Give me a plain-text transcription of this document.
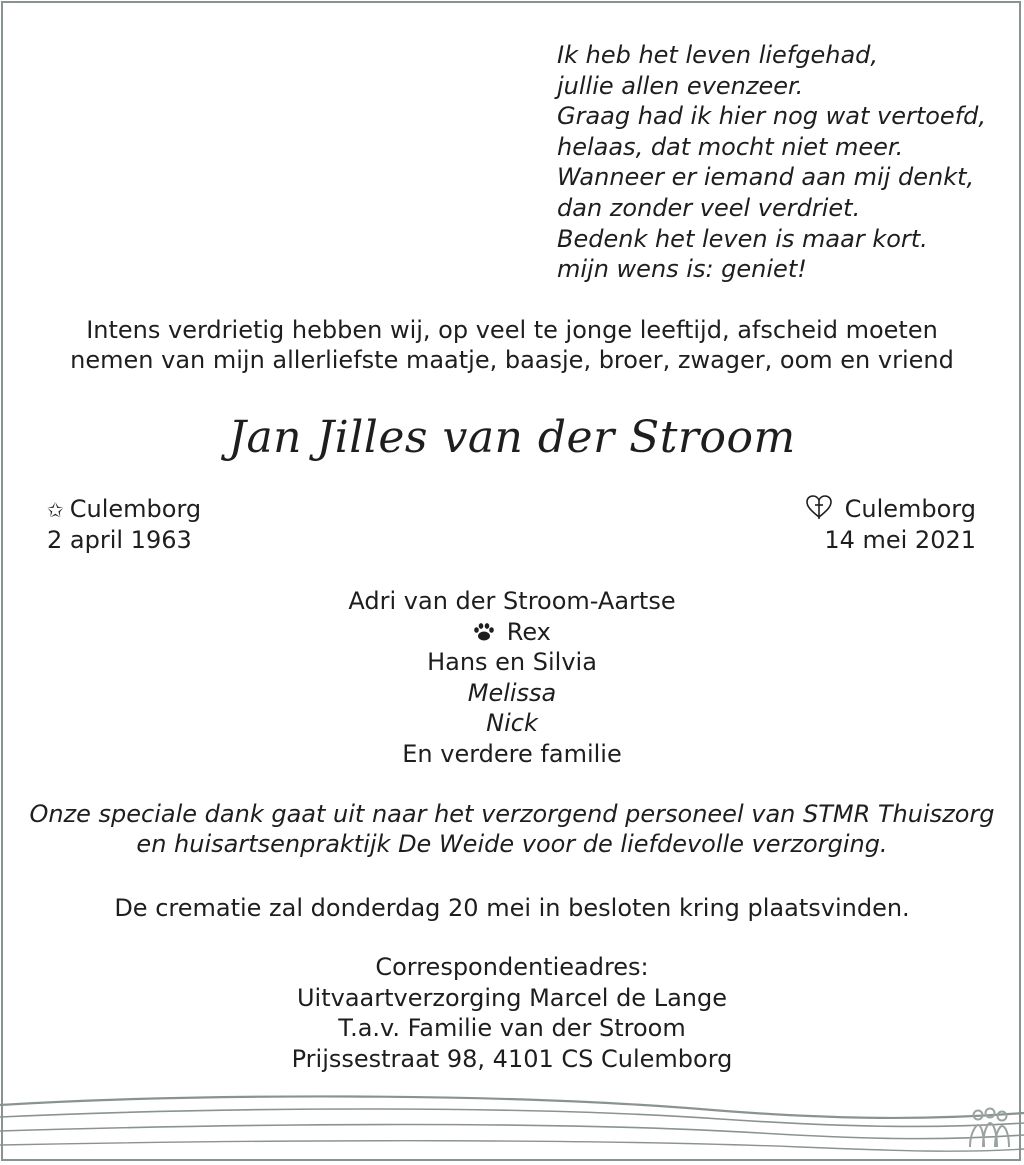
Ik heb het leven liefgehad,
jullie allen evenzeer.
Graag had ik hier nog wat vertoefd,
helaas, dat mocht niet meer.
Wanneer er iemand aan mij denkt,
dan zonder veel verdriet.
Bedenk het leven is maar kort.
mijn wens is: geniet!
Intens verdrietig hebben wij, op veel te jonge leeftijd, afscheid moeten
nemen van mijn allerliefste maatje, baasje, broer, zwager, oom en vriend
Jan Jilles van der Stroom
✩ Culemborg
2 april 1963
Culemborg
14 mei 2021
Adri van der Stroom-Aartse
Rex
Hans en Silvia
Melissa
Nick
En verdere familie
Onze speciale dank gaat uit naar het verzorgend personeel van STMR Thuiszorg
en huisartsenpraktijk De Weide voor de liefdevolle verzorging.
De crematie zal donderdag 20 mei in besloten kring plaatsvinden.
Correspondentieadres:
Uitvaartverzorging Marcel de Lange
T.a.v. Familie van der Stroom
Prijssestraat 98, 4101 CS Culemborg
